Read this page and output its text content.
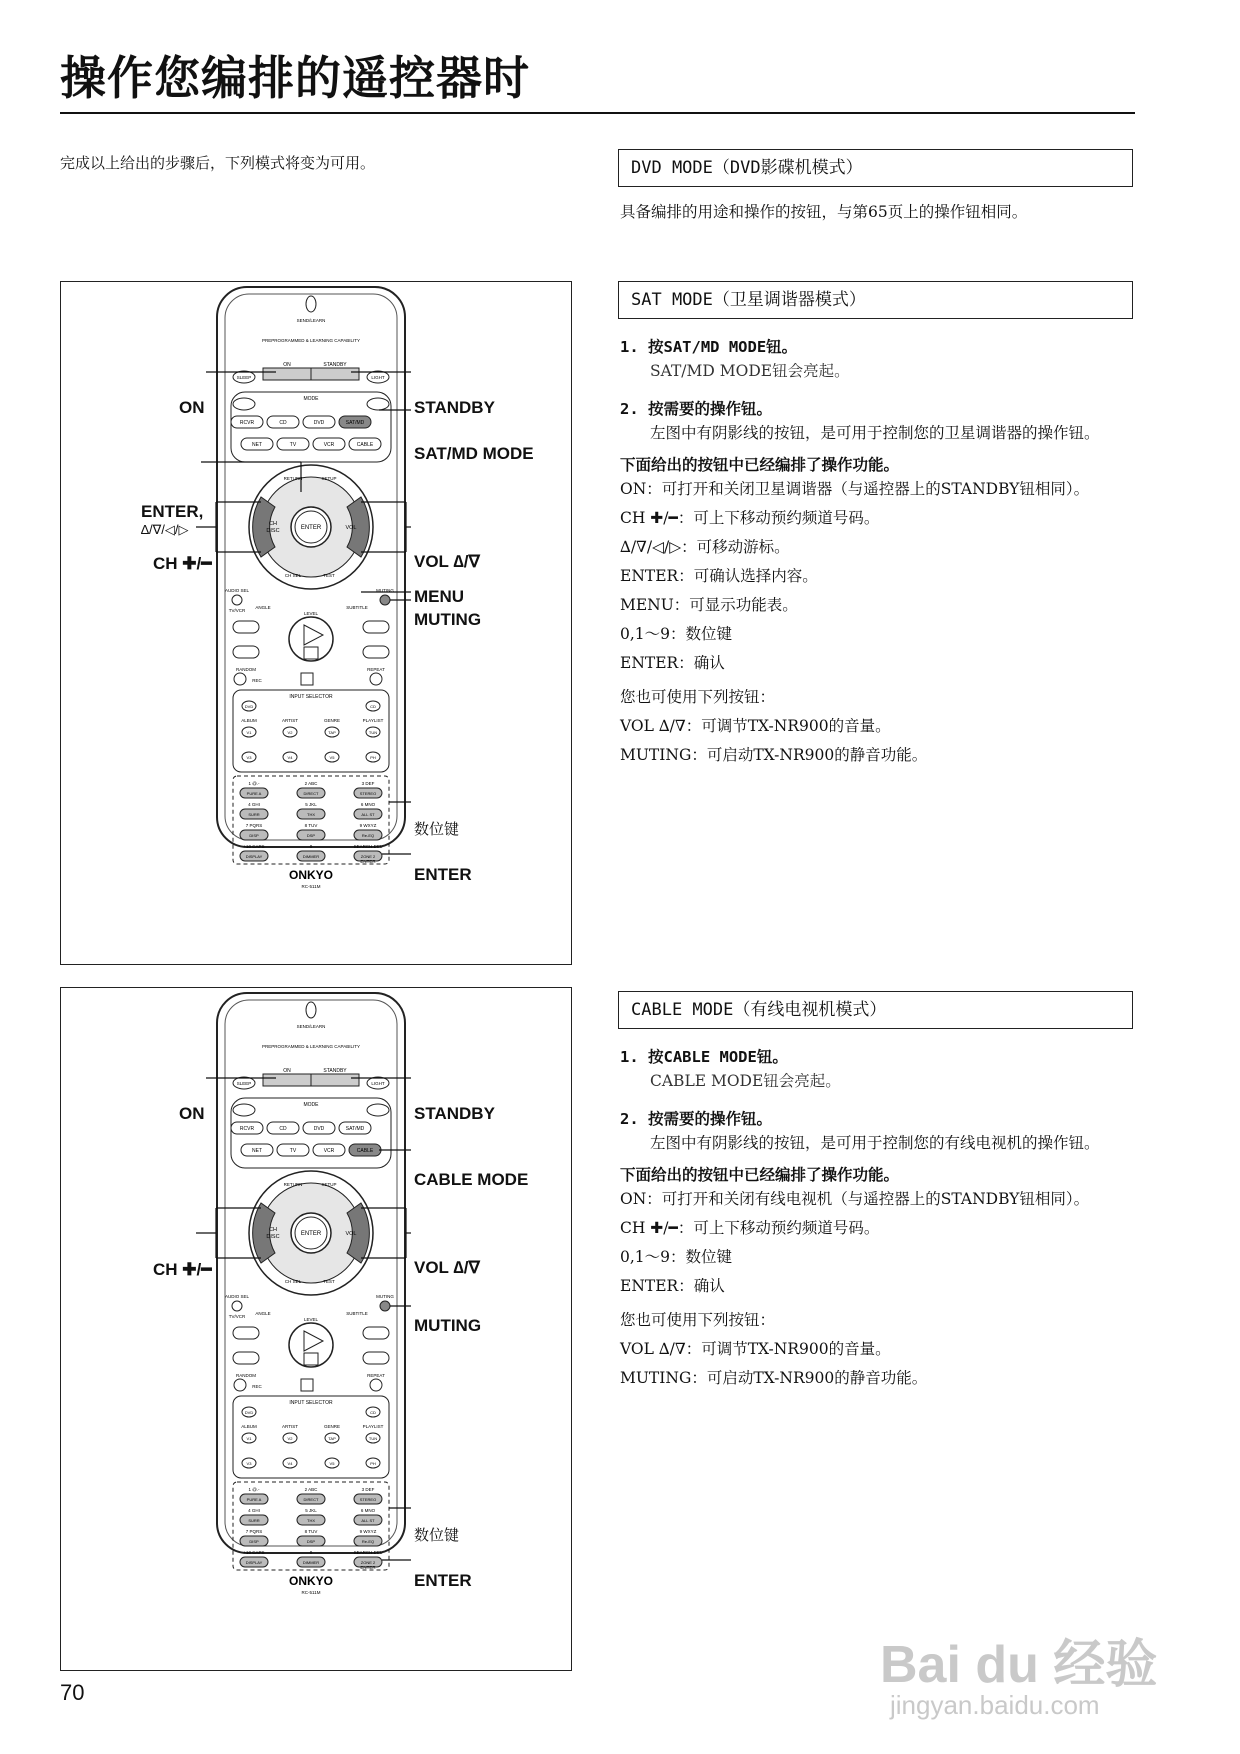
操作您编排的遥控器时
完成以上给出的步骤后，下列模式将变为可用。	DVD MODE（DVD影碟机模式）
具备编排的用途和操作的按钮，与第65页上的操作钮相同。
SAT MODE（卫星调谐器模式）
1. 按SAT/MD MODE钮。
SAT/MD MODE钮会亮起。
2. 按需要的操作钮。
左图中有阴影线的按钮，是可用于控制您的卫星调谐器的操作钮。
下面给出的按钮中已经编排了操作功能。
ON：可打开和关闭卫星调谐器（与遥控器上的STANDBY钮相同）。
CH ✚/━：可上下移动预约频道号码。
∆/∇/◁/▷：可移动游标。
ENTER：可确认选择内容。
MENU：可显示功能表。
0,1～9：数位键
ENTER：确认
您也可使用下列按钮：
VOL ∆/∇：可调节TX-NR900的音量。
MUTING：可启动TX-NR900的静音功能。
CABLE MODE（有线电视机模式）
1. 按CABLE MODE钮。
CABLE MODE钮会亮起。
2. 按需要的操作钮。
左图中有阴影线的按钮，是可用于控制您的有线电视机的操作钮。
下面给出的按钮中已经编排了操作功能。
ON：可打开和关闭有线电视机（与遥控器上的STANDBY钮相同）。
CH ✚/━：可上下移动预约频道号码。
0,1～9：数位键
ENTER：确认
您也可使用下列按钮：
VOL ∆/∇：可调节TX-NR900的音量。
MUTING：可启动TX-NR900的静音功能。
SEND/LEARN
PREPROGRAMMED & LEARNING CAPABILITY
SLEEP
ON	STANDBY
LIGHT
MODE
RCVR	CD	DVD	SAT/MD
NET	TV	VCR	CABLE
ENTER
CH
DISC	VOL
RETURN	SETUP
CH SEL	TEST
AUDIO SEL	MUTING
TV/VCR
ANGLE	SUBTITLE
LEVEL
RANDOM	REPEAT
REC
INPUT SELECTOR
DVD	CD
ALBUM	ARTIST	GENRE	PLAYLIST
V1	V2	TAP	TUN
V3	V4	V5	PH
1 @.-
PURE A
2 ABC
DIRECT
3 DEF
STEREO
4 GHI
SURR
5 JKL
THX
6 MNO
ALL ST
7 PQRS
DISP
8 TUV
DSP
9 WXYZ
Re-EQ
+10 CAPS
DISPLAY
0
DIMMER
SEARCH DEL
ZONE 2
ENTER
ONKYO
RC-511M
ON	STANDBY
SAT/MD MODE
ENTER,
∆/∇/◁/▷
CH ✚/━	VOL ∆/∇
MENU
MUTING
数位键
ENTER
SEND/LEARN
PREPROGRAMMED & LEARNING CAPABILITY
SLEEP
ON	STANDBY
LIGHT
MODE
RCVR	CD	DVD	SAT/MD
NET	TV	VCR	CABLE
ENTER
CH
DISC	VOL
RETURN	SETUP
CH SEL	TEST
AUDIO SEL	MUTING
TV/VCR
ANGLE	SUBTITLE
LEVEL
RANDOM	REPEAT
REC
INPUT SELECTOR
DVD	CD
ALBUM	ARTIST	GENRE	PLAYLIST
V1	V2	TAP	TUN
V3	V4	V5	PH
1 @.-
PURE A
2 ABC
DIRECT
3 DEF
STEREO
4 GHI
SURR
5 JKL
THX
6 MNO
ALL ST
7 PQRS
DISP
8 TUV
DSP
9 WXYZ
Re-EQ
+10 CAPS
DISPLAY
0
DIMMER
SEARCH DEL
ZONE 2
ENTER
ONKYO
RC-511M
ON	STANDBY
CABLE MODE
CH ✚/━	VOL ∆/∇
MUTING
数位键
ENTER
70	Bai du 经验
jingyan.baidu.com
